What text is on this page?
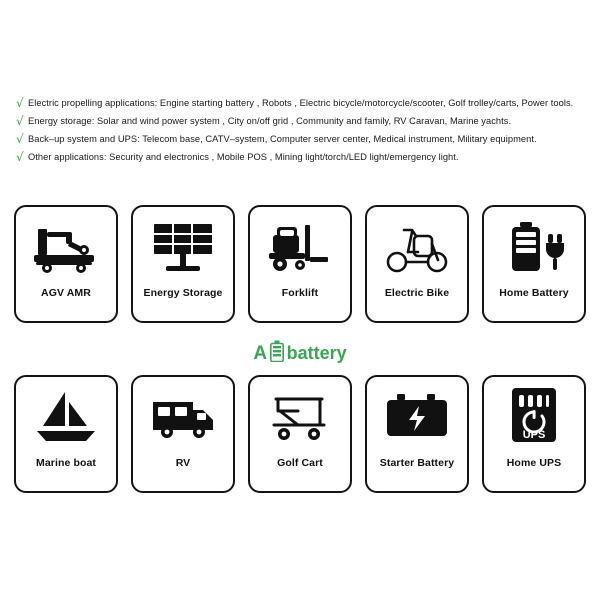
√ Electric propelling applications: Engine starting battery , Robots , Electric bicycle/motorcycle/scooter, Golf trolley/carts, Power tools.
√ Energy storage: Solar and wind power system , City on/off grid , Community and family, RV Caravan, Marine yachts.
√ Back–up system and UPS: Telecom base, CATV–system, Computer server center, Medical instrument, Military equipment.
√ Other applications: Security and electronics , Mobile POS , Mining light/torch/LED light/emergency light.
AGV AMR	Energy Storage	Forklift	Electric Bike	Home Battery
A battery
Marine boat	RV	Golf Cart	Starter Battery
UPS
Home UPS
